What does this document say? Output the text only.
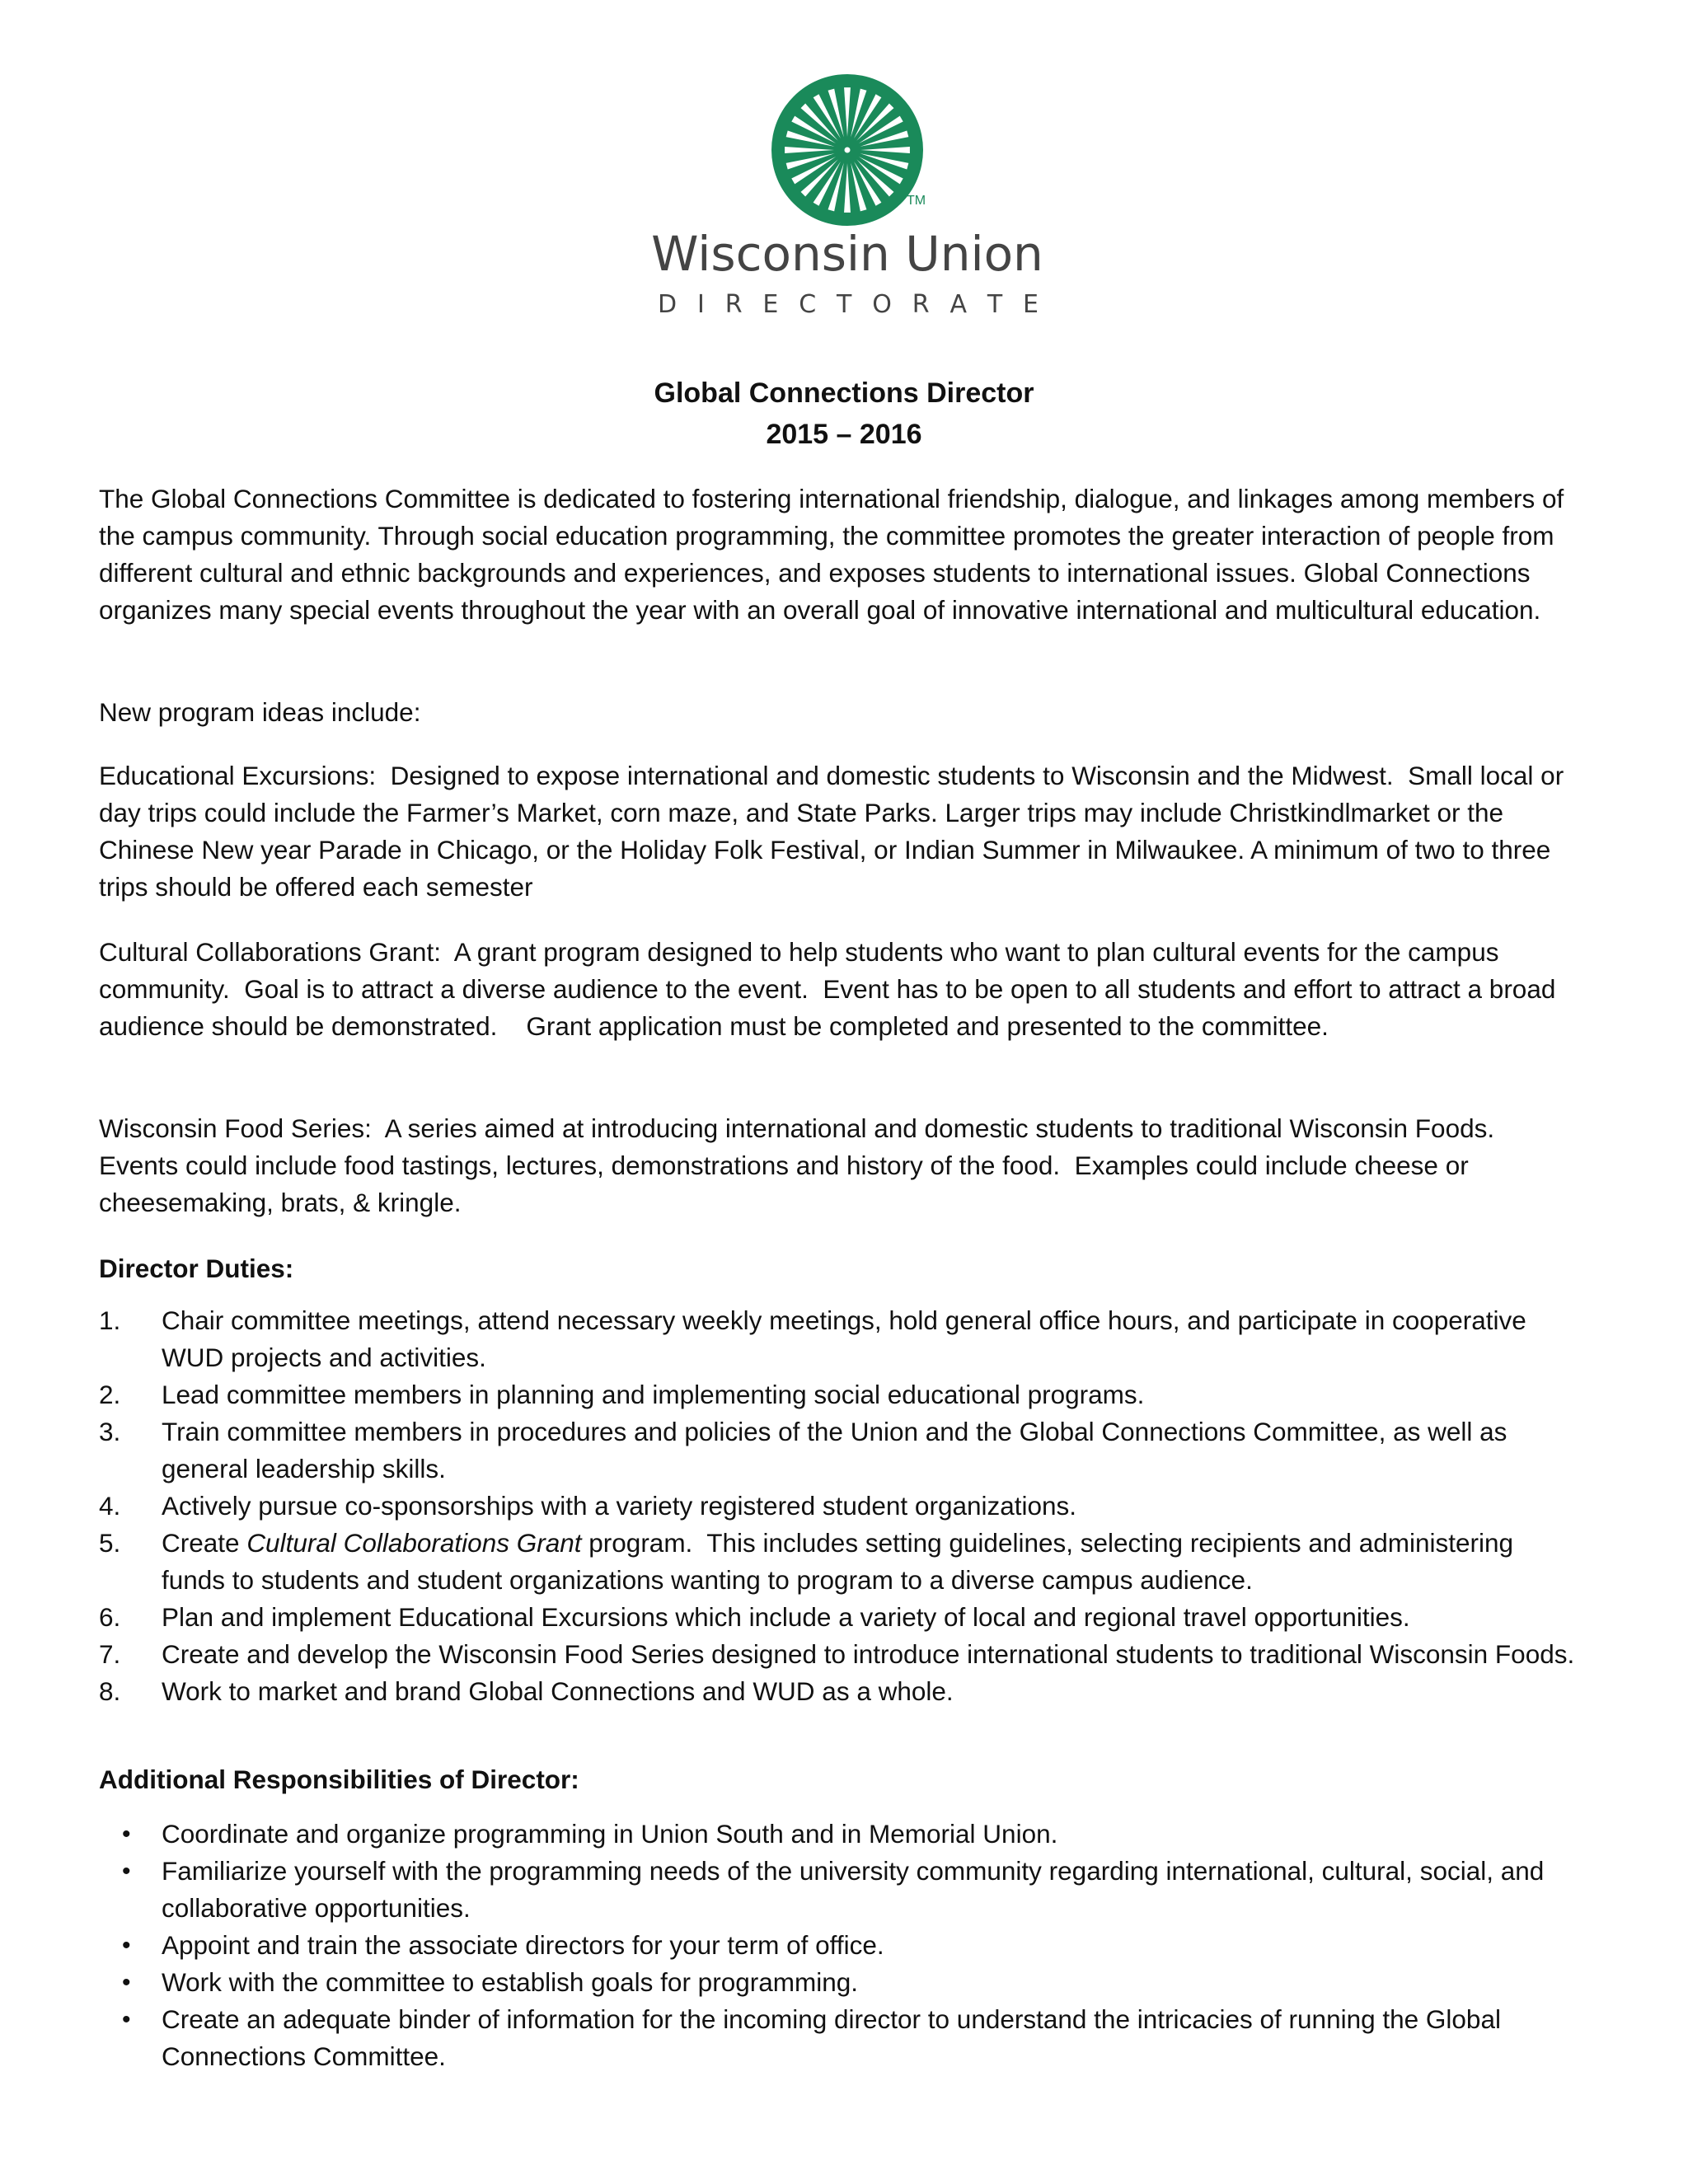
TM
Wisconsin Union
D I R E C T O R A T E
Global Connections Director
2015 – 2016

The Global Connections Committee is dedicated to fostering international friendship, dialogue, and linkages among members of the campus community. Through social education programming, the committee promotes the greater interaction of people from different cultural and ethnic backgrounds and experiences, and exposes students to international issues. Global Connections organizes many special events throughout the year with an overall goal of innovative international and multicultural education.

New program ideas include:

Educational Excursions:  Designed to expose international and domestic students to Wisconsin and the Midwest.  Small local or day trips could include the Farmer’s Market, corn maze, and State Parks. Larger trips may include Christkindlmarket or the Chinese New year Parade in Chicago, or the Holiday Folk Festival, or Indian Summer in Milwaukee. A minimum of two to three trips should be offered each semester

Cultural Collaborations Grant:  A grant program designed to help students who want to plan cultural events for the campus community.  Goal is to attract a diverse audience to the event.  Event has to be open to all students and effort to attract a broad audience should be demonstrated.    Grant application must be completed and presented to the committee.

Wisconsin Food Series:  A series aimed at introducing international and domestic students to traditional Wisconsin Foods.  Events could include food tastings, lectures, demonstrations and history of the food.  Examples could include cheese or cheesemaking, brats, & kringle.

Director Duties:

1.	Chair committee meetings, attend necessary weekly meetings, hold general office hours, and participate in cooperative WUD projects and activities.
2.	Lead committee members in planning and implementing social educational programs.
3.	Train committee members in procedures and policies of the Union and the Global Connections Committee, as well as general leadership skills.
4.	Actively pursue co-sponsorships with a variety registered student organizations.
5.	Create Cultural Collaborations Grant program.  This includes setting guidelines, selecting recipients and administering funds to students and student organizations wanting to program to a diverse campus audience.
6.	Plan and implement Educational Excursions which include a variety of local and regional travel opportunities.
7.	Create and develop the Wisconsin Food Series designed to introduce international students to traditional Wisconsin Foods.
8.	Work to market and brand Global Connections and WUD as a whole.

Additional Responsibilities of Director:

• Coordinate and organize programming in Union South and in Memorial Union.
• Familiarize yourself with the programming needs of the university community regarding international, cultural, social, and collaborative opportunities.
• Appoint and train the associate directors for your term of office.
• Work with the committee to establish goals for programming.
• Create an adequate binder of information for the incoming director to understand the intricacies of running the Global Connections Committee.
